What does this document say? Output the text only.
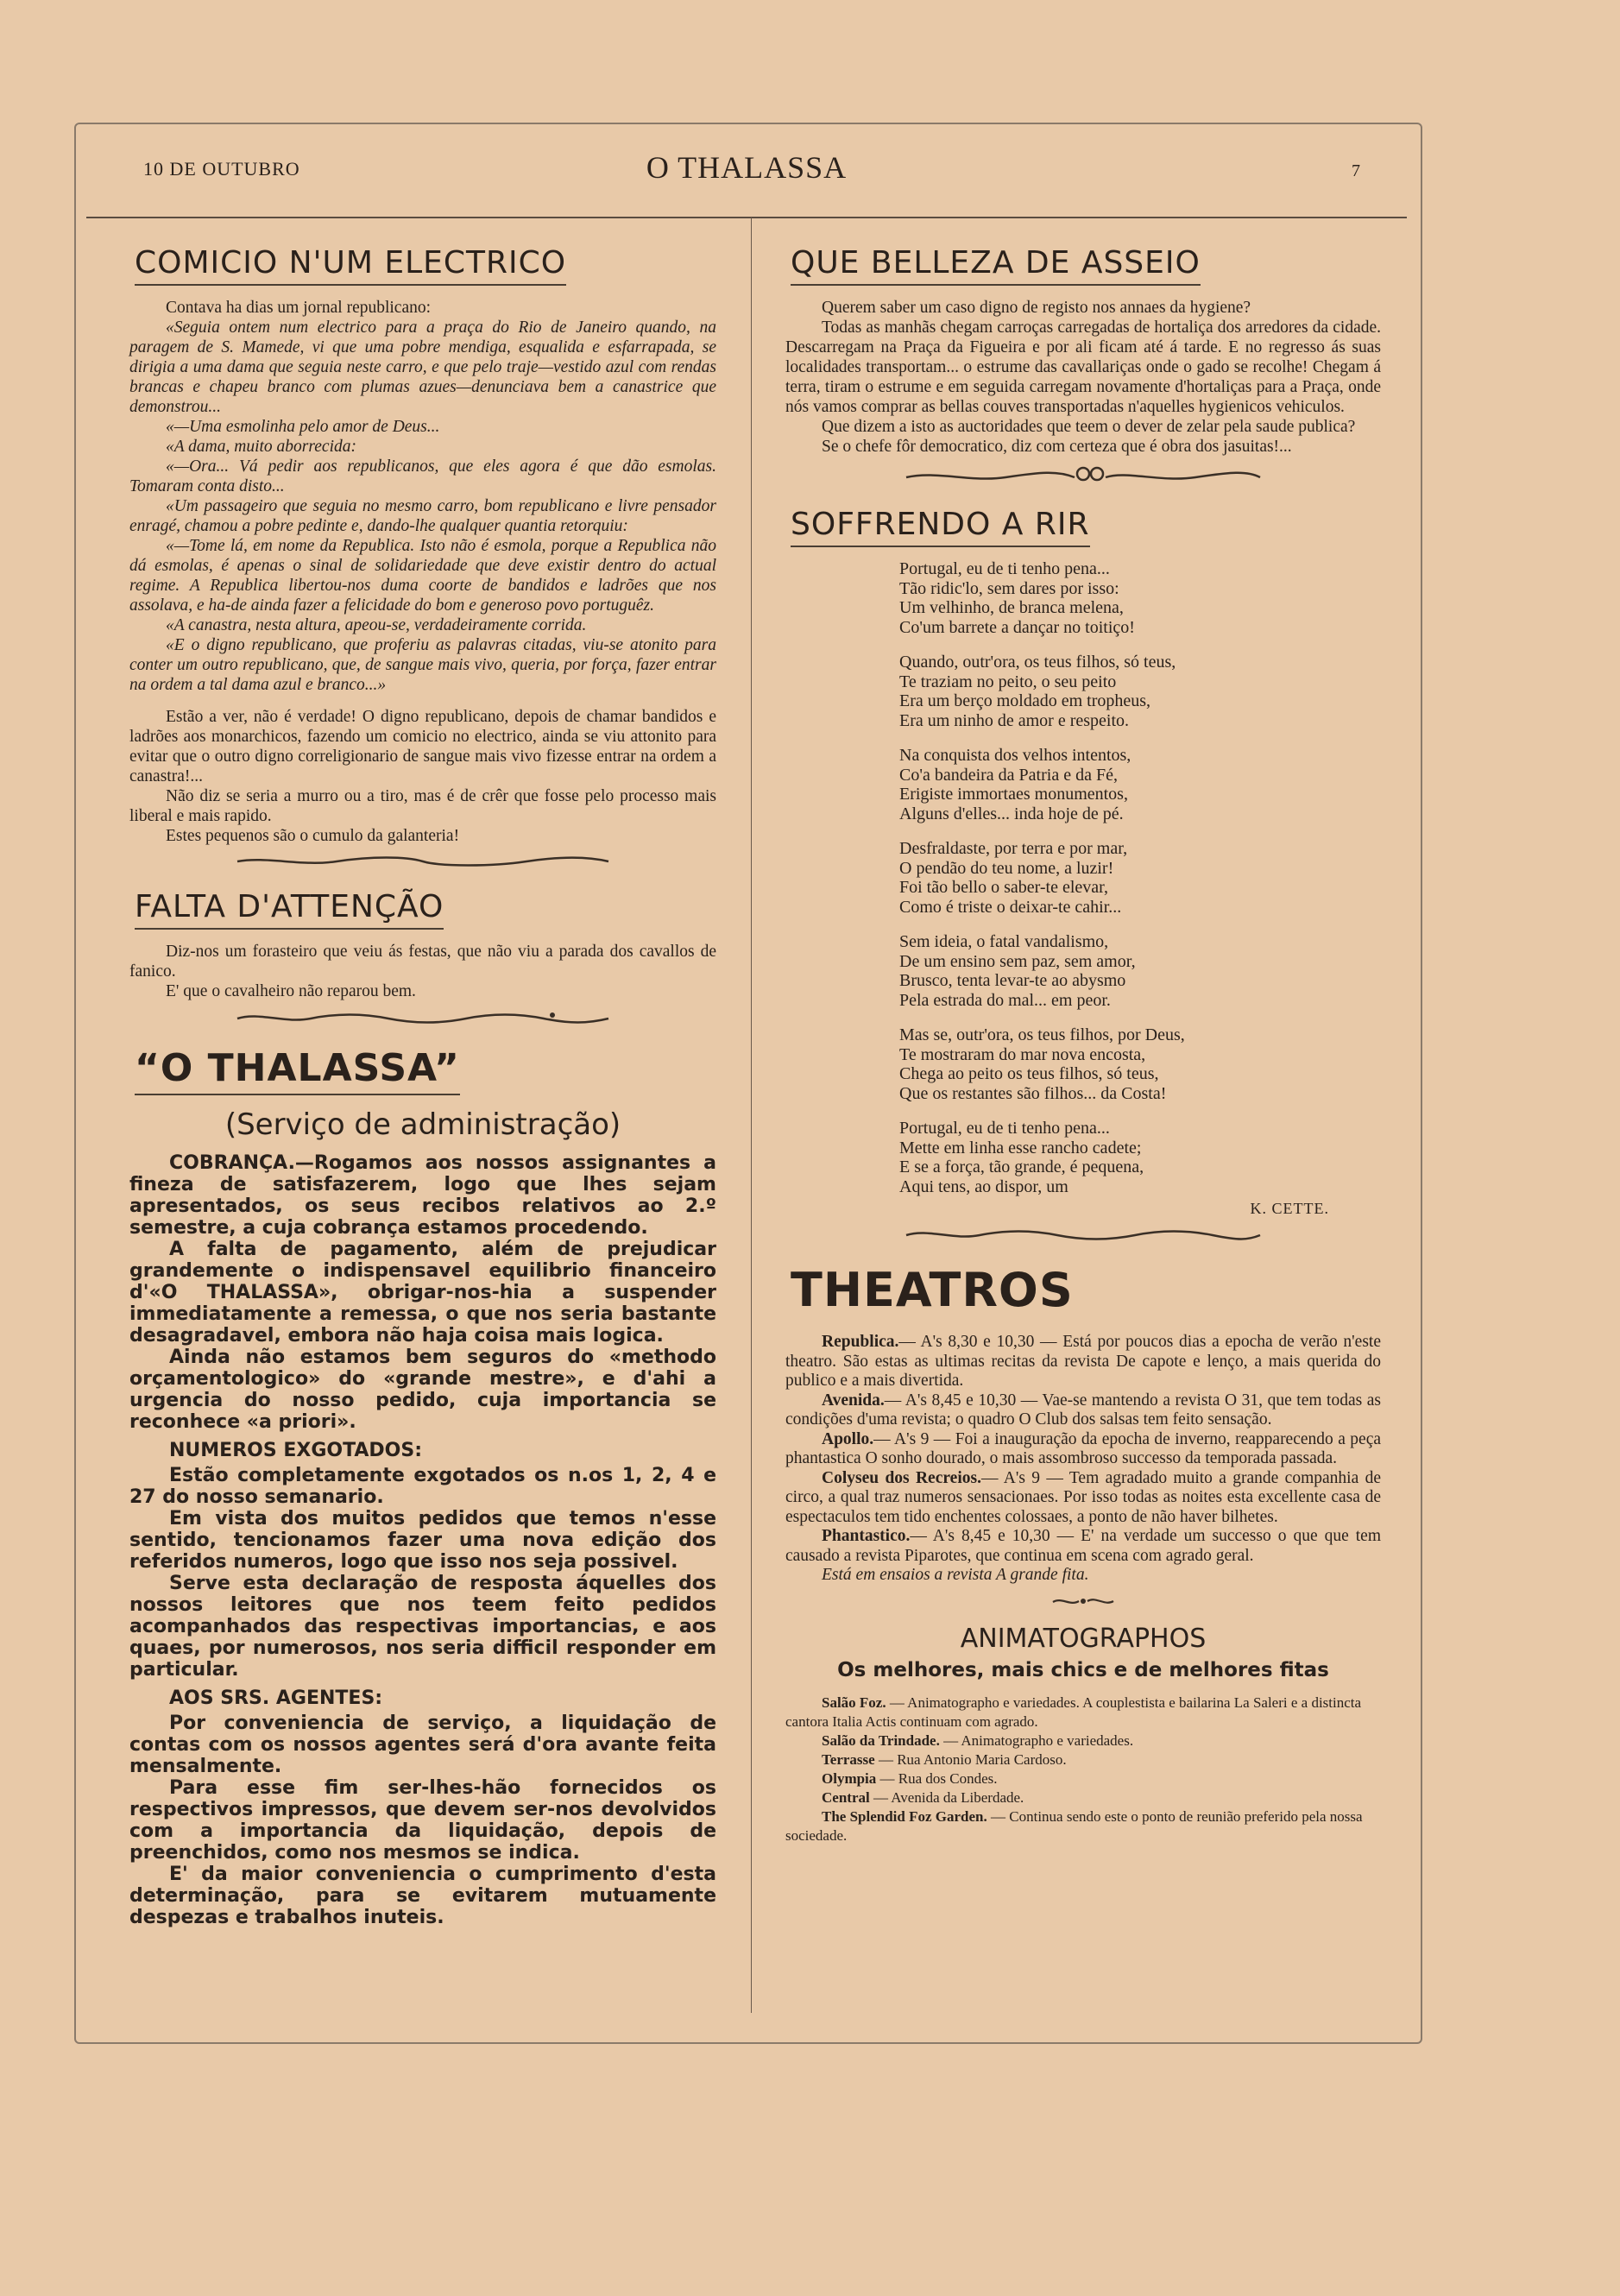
10 DE OUTUBRO	O THALASSA	7
COMICIO N'UM ELECTRICO

Contava ha dias um jornal republicano:

«Seguia ontem num electrico para a praça do Rio de Janeiro quando, na paragem de S. Mamede, vi que uma pobre mendiga, esqualida e esfarrapada, se dirigia a uma dama que seguia neste carro, e que pelo traje—vestido azul com rendas brancas e chapeu branco com plumas azues—denunciava bem a canastrice que demonstrou...

«—Uma esmolinha pelo amor de Deus...

«A dama, muito aborrecida:

«—Ora... Vá pedir aos republicanos, que eles agora é que dão esmolas. Tomaram conta disto...

«Um passageiro que seguia no mesmo carro, bom republicano e livre pensador enragé, chamou a pobre pedinte e, dando-lhe qualquer quantia retorquiu:

«—Tome lá, em nome da Republica. Isto não é esmola, porque a Republica não dá esmolas, é apenas o sinal de solidariedade que deve existir dentro do actual regime. A Republica libertou-nos duma coorte de bandidos e ladrões que nos assolava, e ha-de ainda fazer a felicidade do bom e generoso povo portuguêz.

«A canastra, nesta altura, apeou-se, verdadeiramente corrida.

«E o digno republicano, que proferiu as palavras citadas, viu-se atonito para conter um outro republicano, que, de sangue mais vivo, queria, por força, fazer entrar na ordem a tal dama azul e branco...»

Estão a ver, não é verdade! O digno republicano, depois de chamar bandidos e ladrões aos monarchicos, fazendo um comicio no electrico, ainda se viu attonito para evitar que o outro digno correligionario de sangue mais vivo fizesse entrar na ordem a canastra!...

Não diz se seria a murro ou a tiro, mas é de crêr que fosse pelo processo mais liberal e mais rapido.

Estes pequenos são o cumulo da galanteria!

FALTA D'ATTENÇÃO

Diz-nos um forasteiro que veiu ás festas, que não viu a parada dos cavallos de fanico.

E' que o cavalheiro não reparou bem.

“O THALASSA”
(Serviço de administração)

COBRANÇA.—Rogamos aos nossos assignantes a fineza de satisfazerem, logo que lhes sejam apresentados, os seus recibos relativos ao 2.º semestre, a cuja cobrança estamos procedendo.

A falta de pagamento, além de prejudicar grandemente o indispensavel equilibrio financeiro d'«O THALASSA», obrigar-nos-hia a suspender immediatamente a remessa, o que nos seria bastante desagradavel, embora não haja coisa mais logica.

Ainda não estamos bem seguros do «methodo orçamentologico» do «grande mestre», e d'ahi a urgencia do nosso pedido, cuja importancia se reconhece «a priori».

NUMEROS EXGOTADOS:

Estão completamente exgotados os n.os 1, 2, 4 e 27 do nosso semanario.

Em vista dos muitos pedidos que temos n'esse sentido, tencionamos fazer uma nova edição dos referidos numeros, logo que isso nos seja possivel.

Serve esta declaração de resposta áquelles dos nossos leitores que nos teem feito pedidos acompanhados das respectivas importancias, e aos quaes, por numerosos, nos seria difficil responder em particular.

AOS SRS. AGENTES:

Por conveniencia de serviço, a liquidação de contas com os nossos agentes será d'ora avante feita mensalmente.

Para esse fim ser-lhes-hão fornecidos os respectivos impressos, que devem ser-nos devolvidos com a importancia da liquidação, depois de preenchidos, como nos mesmos se indica.

E' da maior conveniencia o cumprimento d'esta determinação, para se evitarem mutuamente despezas e trabalhos inuteis.

QUE BELLEZA DE ASSEIO

Querem saber um caso digno de registo nos annaes da hygiene?

Todas as manhãs chegam carroças carregadas de hortaliça dos arredores da cidade. Descarregam na Praça da Figueira e por ali ficam até á tarde. E no regresso ás suas localidades transportam... o estrume das cavallariças onde o gado se recolhe! Chegam á terra, tiram o estrume e em seguida carregam novamente d'hortaliças para a Praça, onde nós vamos comprar as bellas couves transportadas n'aquelles hygienicos vehiculos.

Que dizem a isto as auctoridades que teem o dever de zelar pela saude publica?

Se o chefe fôr democratico, diz com certeza que é obra dos jasuitas!...

SOFFRENDO A RIR

Portugal, eu de ti tenho pena...

Tão ridic'lo, sem dares por isso:

Um velhinho, de branca melena,

Co'um barrete a dançar no toitiço!

Quando, outr'ora, os teus filhos, só teus,

Te traziam no peito, o seu peito

Era um berço moldado em tropheus,

Era um ninho de amor e respeito.

Na conquista dos velhos intentos,

Co'a bandeira da Patria e da Fé,

Erigiste immortaes monumentos,

Alguns d'elles... inda hoje de pé.

Desfraldaste, por terra e por mar,

O pendão do teu nome, a luzir!

Foi tão bello o saber-te elevar,

Como é triste o deixar-te cahir...

Sem ideia, o fatal vandalismo,

De um ensino sem paz, sem amor,

Brusco, tenta levar-te ao abysmo

Pela estrada do mal... em peor.

Mas se, outr'ora, os teus filhos, por Deus,

Te mostraram do mar nova encosta,

Chega ao peito os teus filhos, só teus,

Que os restantes são filhos... da Costa!

Portugal, eu de ti tenho pena...

Mette em linha esse rancho cadete;

E se a força, tão grande, é pequena,

Aqui tens, ao dispor, um

K. CETTE.
THEATROS

Republica.— A's 8,30 e 10,30 — Está por poucos dias a epocha de verão n'este theatro. São estas as ultimas recitas da revista De capote e lenço, a mais querida do publico e a mais divertida.

Avenida.— A's 8,45 e 10,30 — Vae-se mantendo a revista O 31, que tem todas as condições d'uma revista; o quadro O Club dos salsas tem feito sensação.

Apollo.— A's 9 — Foi a inauguração da epocha de inverno, reapparecendo a peça phantastica O sonho dourado, o mais assombroso successo da temporada passada.

Colyseu dos Recreios.— A's 9 — Tem agradado muito a grande companhia de circo, a qual traz numeros sensacionaes. Por isso todas as noites esta excellente casa de espectaculos tem tido enchentes colossaes, a ponto de não haver bilhetes.

Phantastico.— A's 8,45 e 10,30 — E' na verdade um successo o que que tem causado a revista Piparotes, que continua em scena com agrado geral.

Está em ensaios a revista A grande fita.

ANIMATOGRAPHOS
Os melhores, mais chics e de melhores fitas

Salão Foz. — Animatographo e variedades. A couplestista e bailarina La Saleri e a distincta cantora Italia Actis continuam com agrado.

Salão da Trindade. — Animatographo e variedades.

Terrasse — Rua Antonio Maria Cardoso.

Olympia — Rua dos Condes.

Central — Avenida da Liberdade.

The Splendid Foz Garden. — Continua sendo este o ponto de reunião preferido pela nossa sociedade.
